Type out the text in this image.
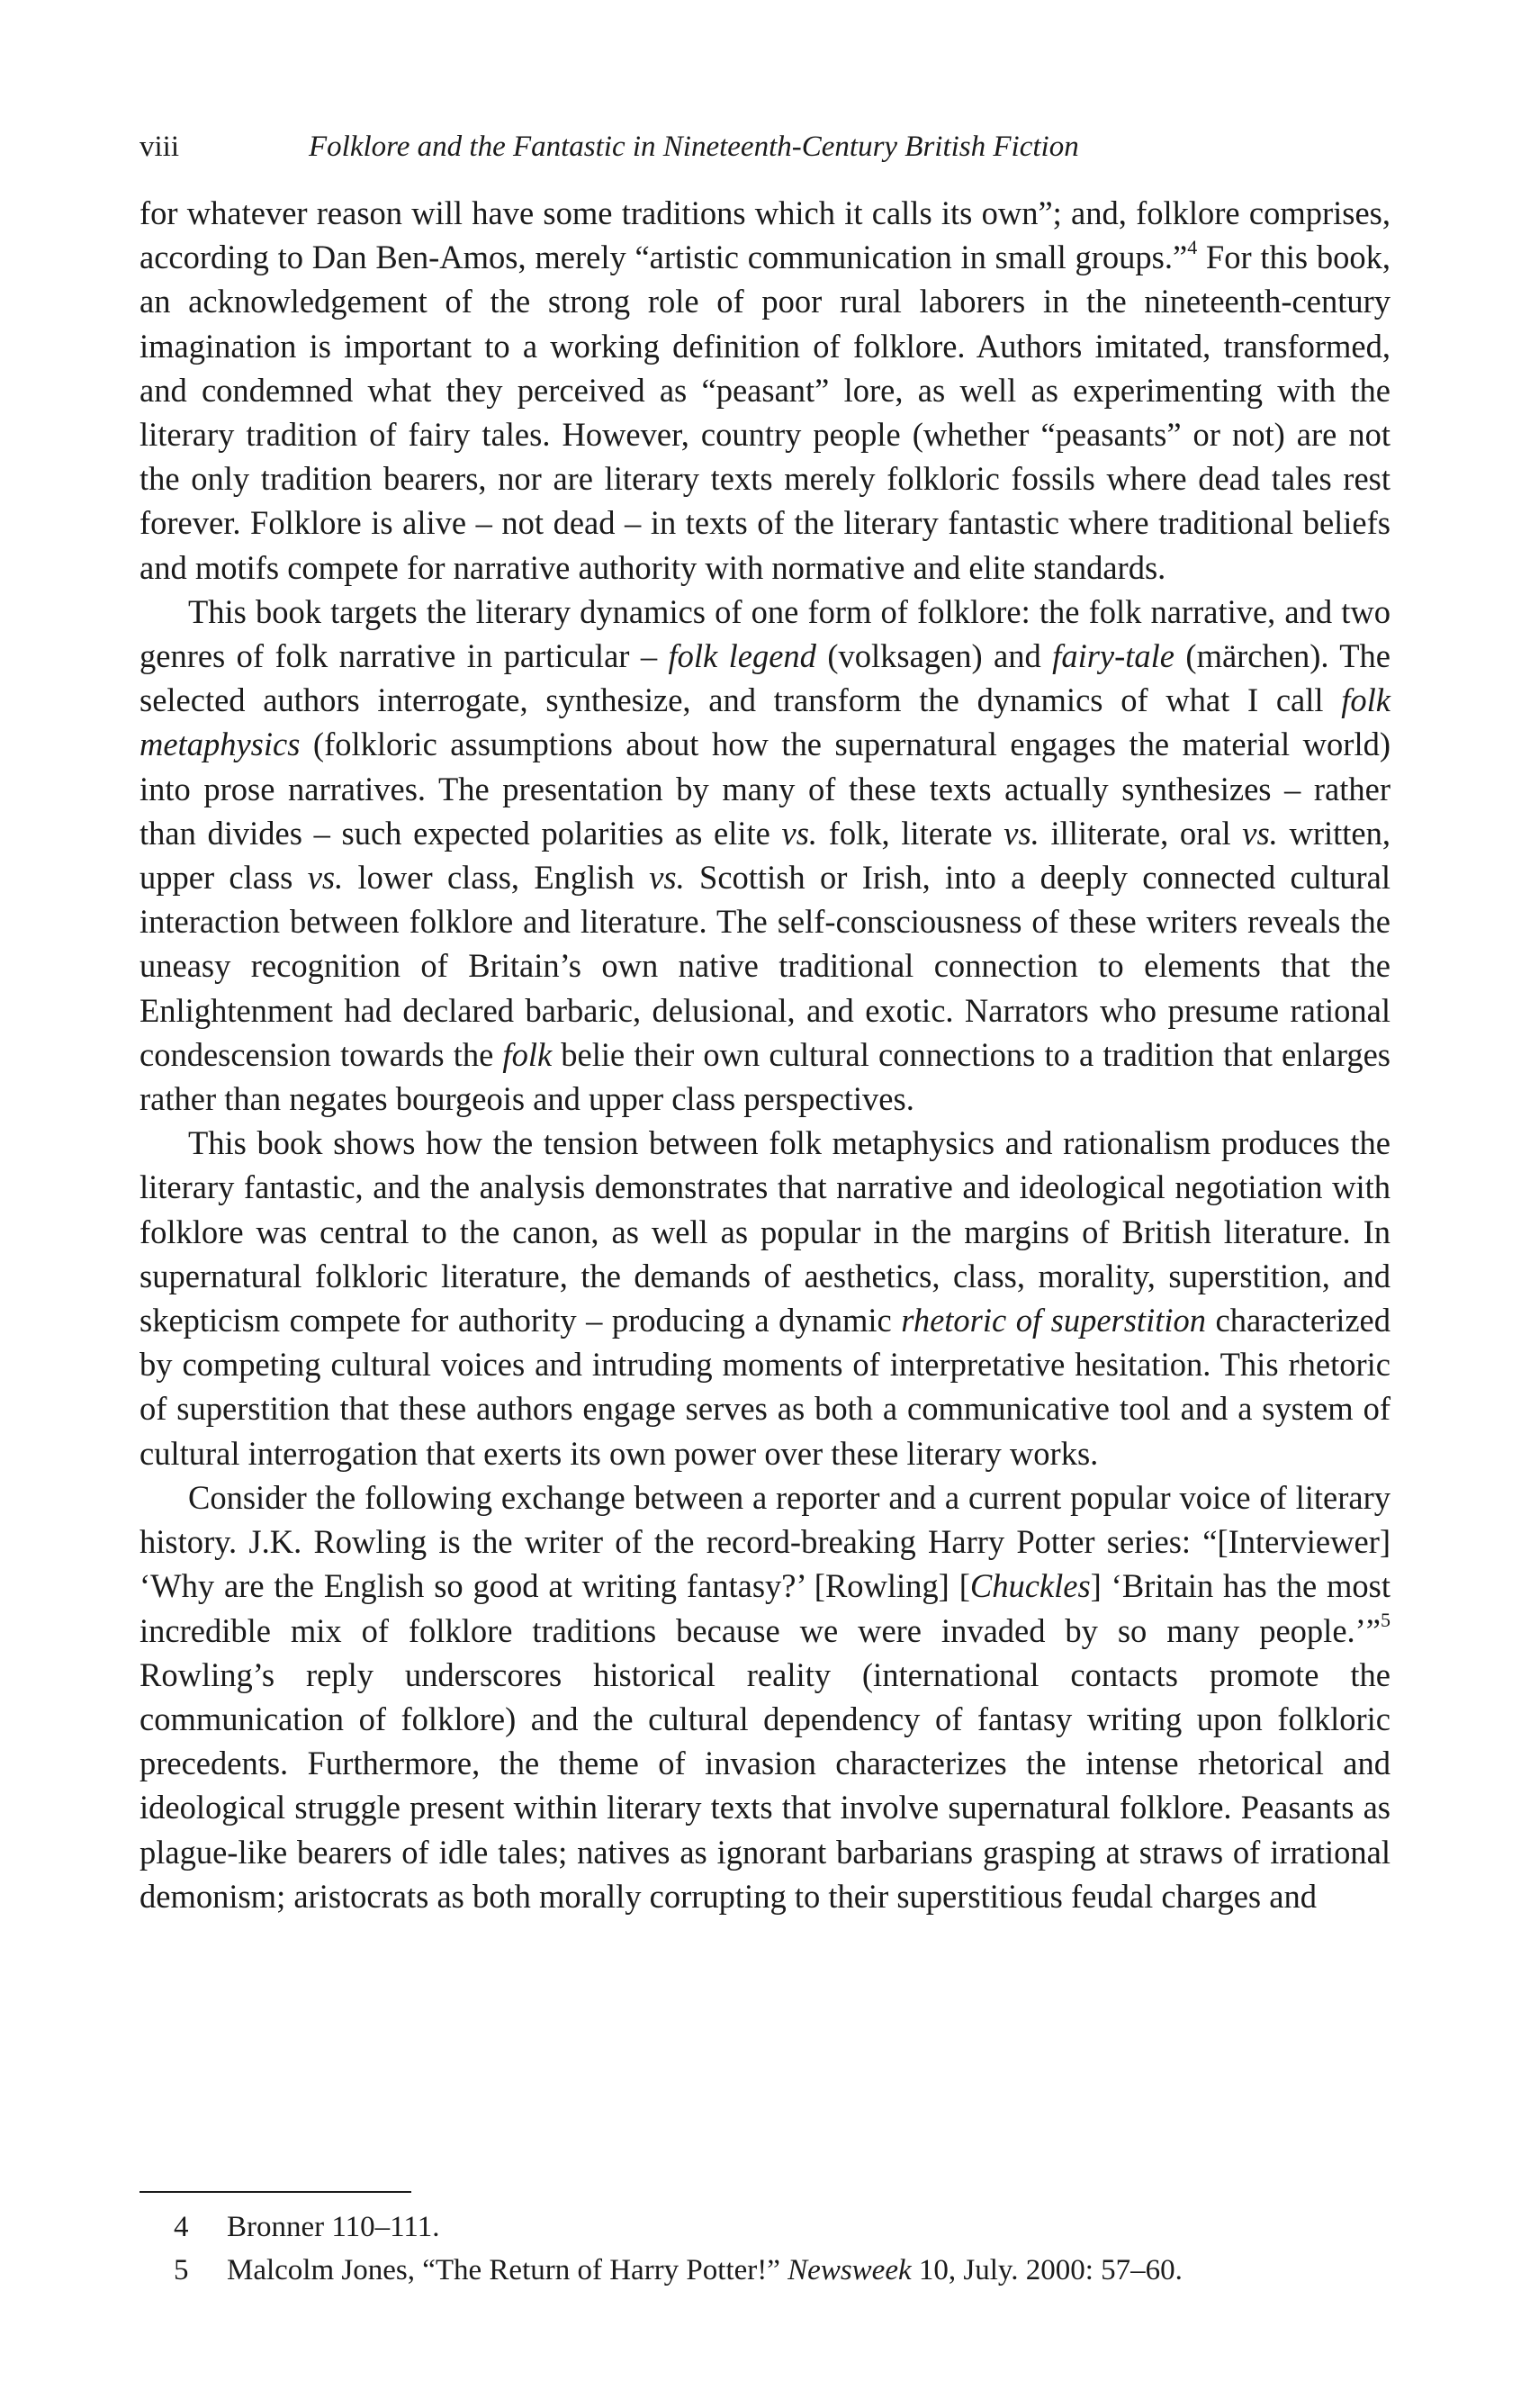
viii	Folklore and the Fantastic in Nineteenth-Century British Fiction

for whatever reason will have some traditions which it calls its own”; and, folklore comprises, according to Dan Ben-Amos, merely “artistic communication in small groups.”$^4$ For this book, an acknowledgement of the strong role of poor rural laborers in the nineteenth-century imagination is important to a working definition of folklore. Authors imitated, transformed, and condemned what they perceived as “peasant” lore, as well as experimenting with the literary tradition of fairy tales. However, country people (whether “peasants” or not) are not the only tradition bearers, nor are literary texts merely folkloric fossils where dead tales rest forever. Folklore is alive – not dead – in texts of the literary fantastic where traditional beliefs and motifs compete for narrative authority with normative and elite standards.

This book targets the literary dynamics of one form of folklore: the folk narrative, and two genres of folk narrative in particular – folk legend (volksagen) and fairy-tale (märchen). The selected authors interrogate, synthesize, and transform the dynamics of what I call folk metaphysics (folkloric assumptions about how the supernatural engages the material world) into prose narratives. The presentation by many of these texts actually synthesizes – rather than divides – such expected polarities as elite vs. folk, literate vs. illiterate, oral vs. written, upper class vs. lower class, English vs. Scottish or Irish, into a deeply connected cultural interaction between folklore and literature. The self-consciousness of these writers reveals the uneasy recognition of Britain’s own native traditional connection to elements that the Enlightenment had declared barbaric, delusional, and exotic. Narrators who presume rational condescension towards the folk belie their own cultural connections to a tradition that enlarges rather than negates bourgeois and upper class perspectives.

This book shows how the tension between folk metaphysics and rationalism produces the literary fantastic, and the analysis demonstrates that narrative and ideological negotiation with folklore was central to the canon, as well as popular in the margins of British literature. In supernatural folkloric literature, the demands of aesthetics, class, morality, superstition, and skepticism compete for authority – producing a dynamic rhetoric of superstition characterized by competing cultural voices and intruding moments of interpretative hesitation. This rhetoric of superstition that these authors engage serves as both a communicative tool and a system of cultural interrogation that exerts its own power over these literary works.

Consider the following exchange between a reporter and a current popular voice of literary history. J.K. Rowling is the writer of the record-breaking Harry Potter series: “[Interviewer] ‘Why are the English so good at writing fantasy?’ [Rowling] [Chuckles] ‘Britain has the most incredible mix of folklore traditions because we were invaded by so many people.’”$^5$ Rowling’s reply underscores historical reality (international contacts promote the communication of folklore) and the cultural dependency of fantasy writing upon folkloric precedents. Furthermore, the theme of invasion characterizes the intense rhetorical and ideological struggle present within literary texts that involve supernatural folklore. Peasants as plague-like bearers of idle tales; natives as ignorant barbarians grasping at straws of irrational demonism; aristocrats as both morally corrupting to their superstitious feudal charges and

4 Bronner 110–111.
5 Malcolm Jones, “The Return of Harry Potter!” Newsweek 10, July. 2000: 57–60.
